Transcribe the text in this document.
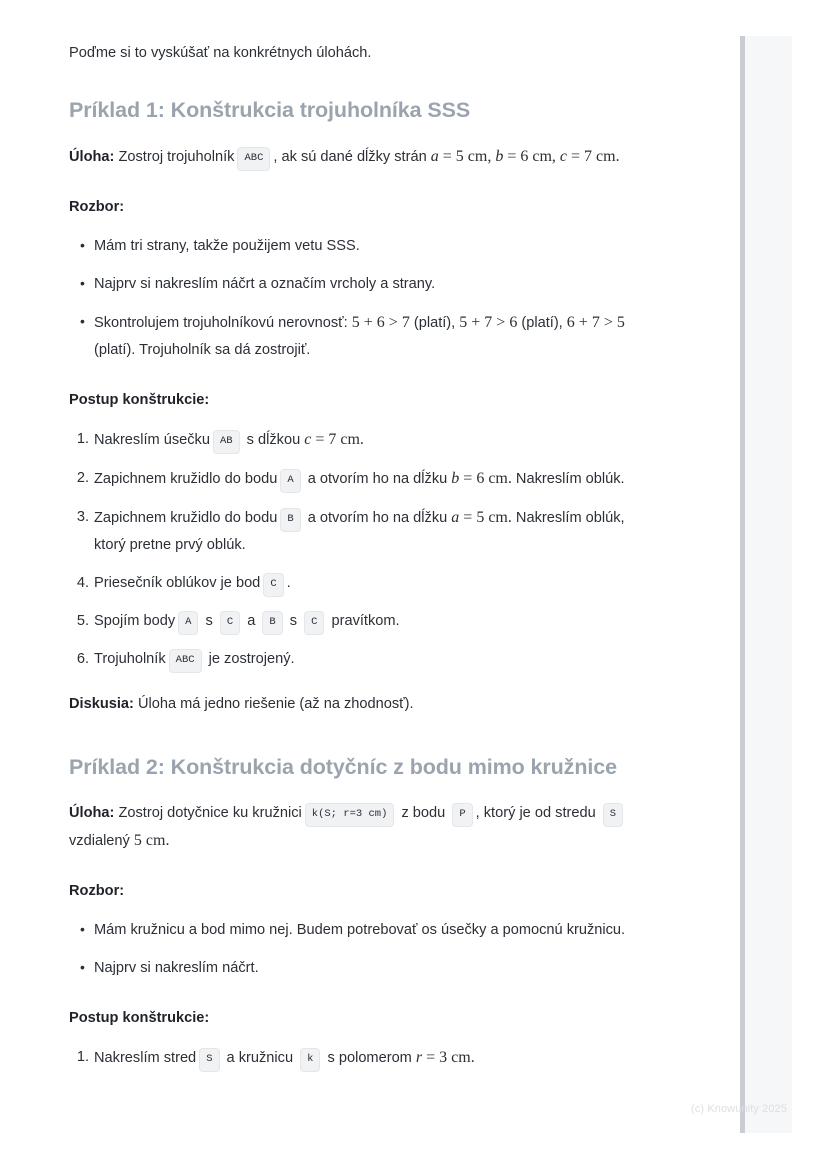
Poďme si to vyskúšať na konkrétnych úlohách.

Príklad 1: Konštrukcia trojuholníka SSS

Úloha: Zostroj trojuholník ABC , ak sú dané dĺžky strán a = 5 cm, b = 6 cm, c = 7 cm.

Rozbor:
• Mám tri strany, takže použijem vetu SSS.
• Najprv si nakreslím náčrt a označím vrcholy a strany.
• Skontrolujem trojuholníkovú nerovnosť: 5 + 6 > 7 (platí), 5 + 7 > 6 (platí), 6 + 7 > 5 (platí). Trojuholník sa dá zostrojiť.
Postup konštrukcie:
Nakreslím úsečku AB s dĺžkou c = 7 cm.
Zapichnem kružidlo do bodu A a otvorím ho na dĺžku b = 6 cm. Nakreslím oblúk.
Zapichnem kružidlo do bodu B a otvorím ho na dĺžku a = 5 cm. Nakreslím oblúk, ktorý pretne prvý oblúk.
Priesečník oblúkov je bod C .
Spojím body A s C a B s C pravítkom.
Trojuholník ABC je zostrojený.

Diskusia: Úloha má jedno riešenie (až na zhodnosť).

Príklad 2: Konštrukcia dotyčníc z bodu mimo kružnice

Úloha: Zostroj dotyčnice ku kružnici k(S; r=3 cm) z bodu P , ktorý je od stredu S vzdialený 5 cm.

Rozbor:
• Mám kružnicu a bod mimo nej. Budem potrebovať os úsečky a pomocnú kružnicu.
• Najprv si nakreslím náčrt.
Postup konštrukcie:
Nakreslím stred S a kružnicu k s polomerom r = 3 cm.
(c) Knowunity 2025
